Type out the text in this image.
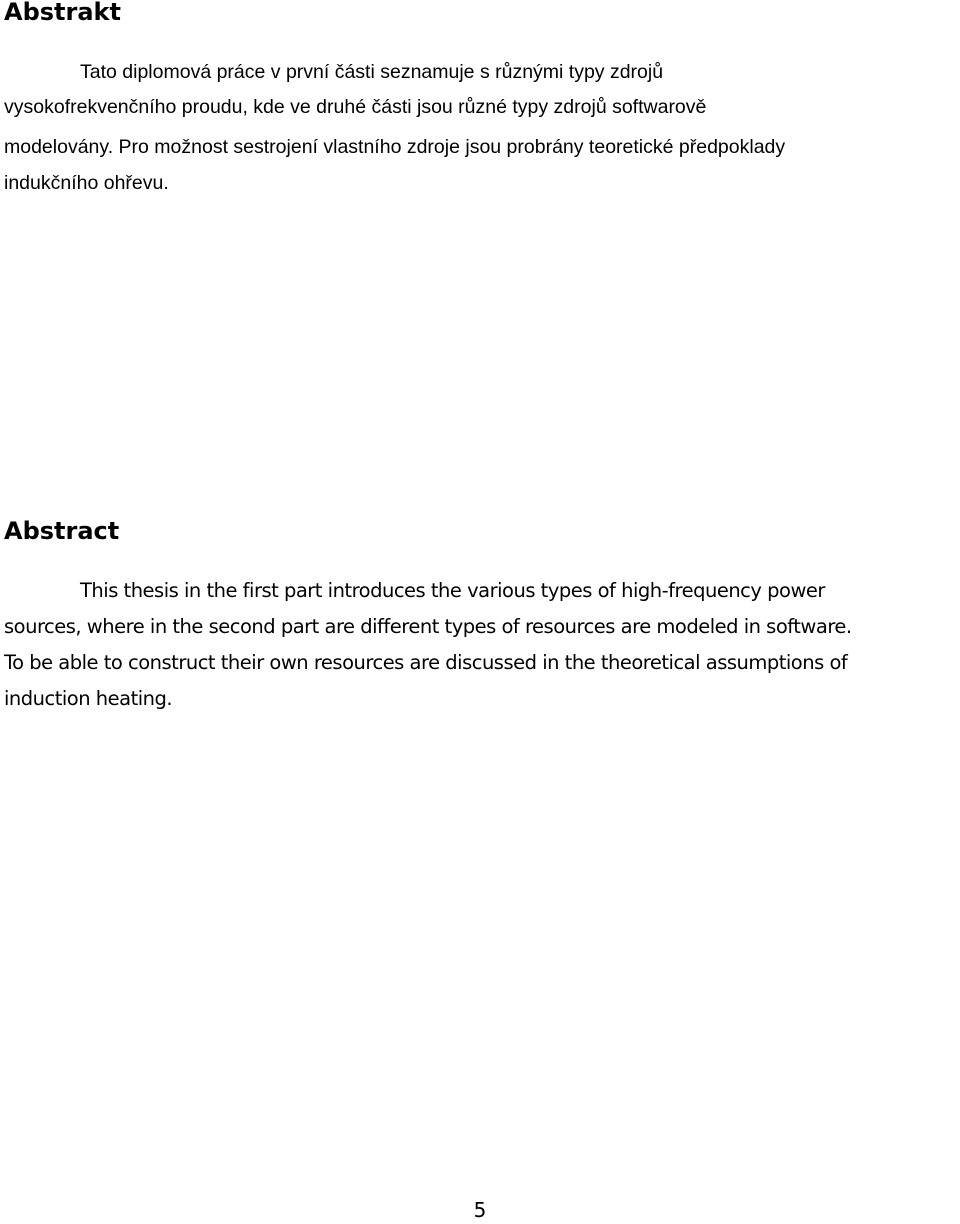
Abstrakt

Tato diplomová práce v první části seznamuje s různými typy zdrojů

vysokofrekvenčního proudu, kde ve druhé části jsou různé typy zdrojů softwarově

modelovány. Pro možnost sestrojení vlastního zdroje jsou probrány teoretické předpoklady

indukčního ohřevu.

Abstract

This thesis in the first part introduces the various types of high-frequency power

sources, where in the second part are different types of resources are modeled in software.

To be able to construct their own resources are discussed in the theoretical assumptions of

induction heating.

5
